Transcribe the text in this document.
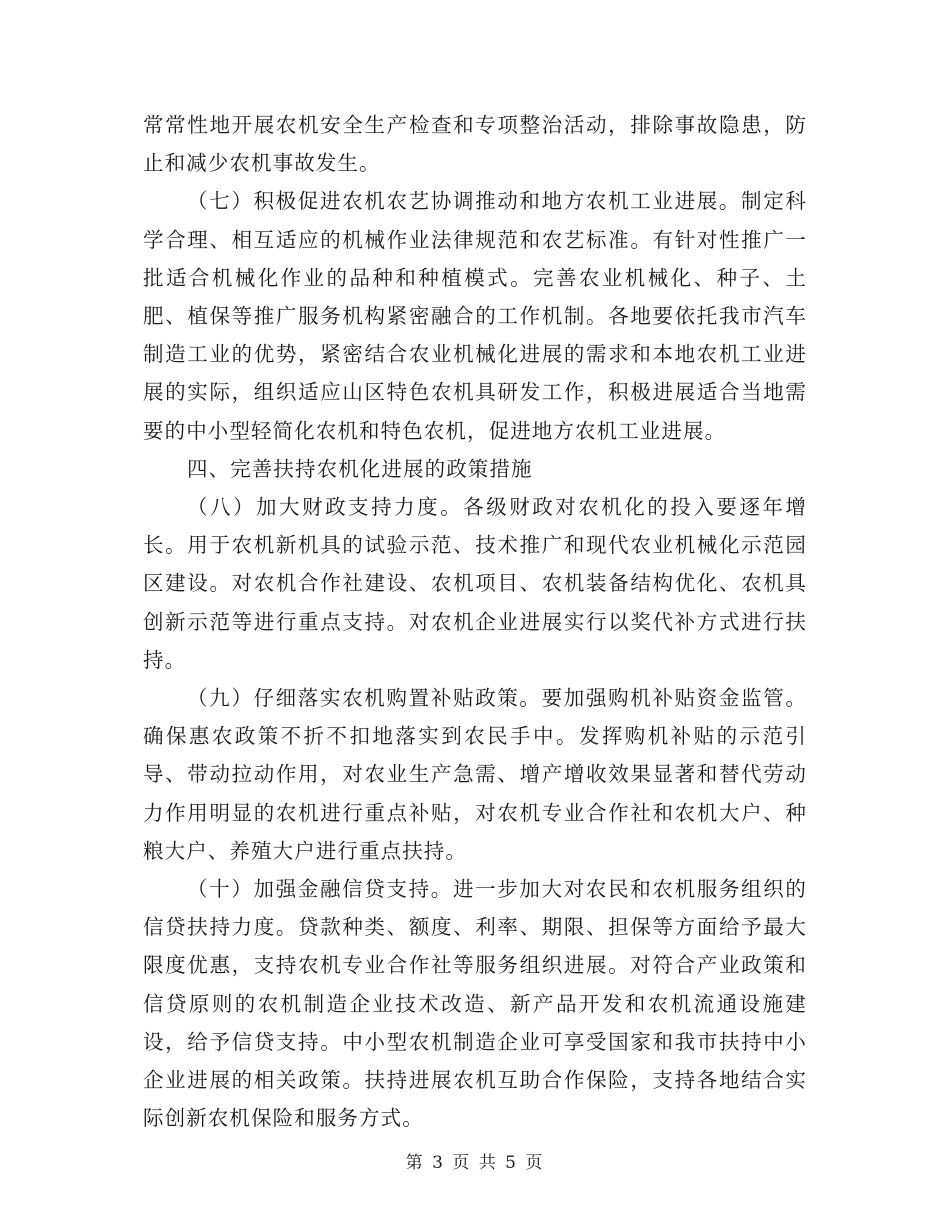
常常性地开展农机安全生产检查和专项整治活动，排除事故隐患，防止和减少农机事故发生。

（七）积极促进农机农艺协调推动和地方农机工业进展。制定科学合理、相互适应的机械作业法律规范和农艺标准。有针对性推广一批适合机械化作业的品种和种植模式。完善农业机械化、种子、土肥、植保等推广服务机构紧密融合的工作机制。各地要依托我市汽车制造工业的优势，紧密结合农业机械化进展的需求和本地农机工业进展的实际，组织适应山区特色农机具研发工作，积极进展适合当地需要的中小型轻简化农机和特色农机，促进地方农机工业进展。

四、完善扶持农机化进展的政策措施

（八）加大财政支持力度。各级财政对农机化的投入要逐年增长。用于农机新机具的试验示范、技术推广和现代农业机械化示范园区建设。对农机合作社建设、农机项目、农机装备结构优化、农机具创新示范等进行重点支持。对农机企业进展实行以奖代补方式进行扶持。

（九）仔细落实农机购置补贴政策。要加强购机补贴资金监管。确保惠农政策不折不扣地落实到农民手中。发挥购机补贴的示范引导、带动拉动作用，对农业生产急需、增产增收效果显著和替代劳动力作用明显的农机进行重点补贴，对农机专业合作社和农机大户、种粮大户、养殖大户进行重点扶持。

（十）加强金融信贷支持。进一步加大对农民和农机服务组织的信贷扶持力度。贷款种类、额度、利率、期限、担保等方面给予最大限度优惠，支持农机专业合作社等服务组织进展。对符合产业政策和信贷原则的农机制造企业技术改造、新产品开发和农机流通设施建设，给予信贷支持。中小型农机制造企业可享受国家和我市扶持中小企业进展的相关政策。扶持进展农机互助合作保险，支持各地结合实际创新农机保险和服务方式。

第 3 页 共 5 页
